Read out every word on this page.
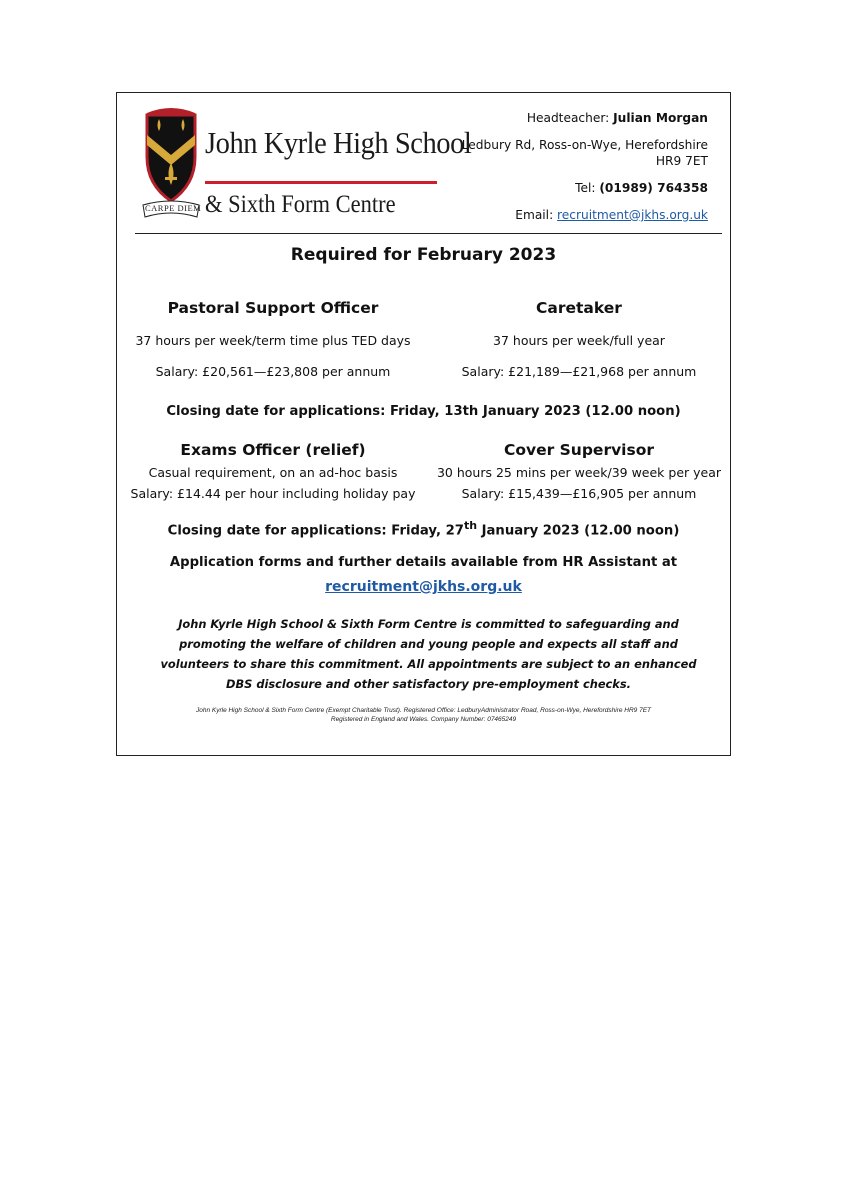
CARPE DIEM
John Kyrle High School
& Sixth Form Centre
Headteacher: Julian Morgan
Ledbury Rd, Ross-on-Wye, Herefordshire
HR9 7ET
Tel: (01989) 764358
Email: recruitment@jkhs.org.uk
Required for February 2023
Pastoral Support Officer
37 hours per week/term time plus TED days
Salary: £20,561—£23,808 per annum
Caretaker
37 hours per week/full year
Salary: £21,189—£21,968 per annum
Closing date for applications: Friday, 13th January 2023 (12.00 noon)
Exams Officer (relief)
Casual requirement, on an ad-hoc basis
Salary: £14.44 per hour including holiday pay
Cover Supervisor
30 hours 25 mins per week/39 week per year
Salary: £15,439—£16,905 per annum
Closing date for applications: Friday, 27th January 2023 (12.00 noon)
Application forms and further details available from HR Assistant at
recruitment@jkhs.org.uk
John Kyrle High School & Sixth Form Centre is committed to safeguarding and promoting the welfare of children and young people and expects all staff and volunteers to share this commitment. All appointments are subject to an enhanced DBS disclosure and other satisfactory pre-employment checks.
John Kyrle High School & Sixth Form Centre (Exempt Charitable Trust). Registered Office: LedburyAdministrator Road, Ross-on-Wye, Herefordshire HR9 7ET
Registered in England and Wales. Company Number: 07465249
